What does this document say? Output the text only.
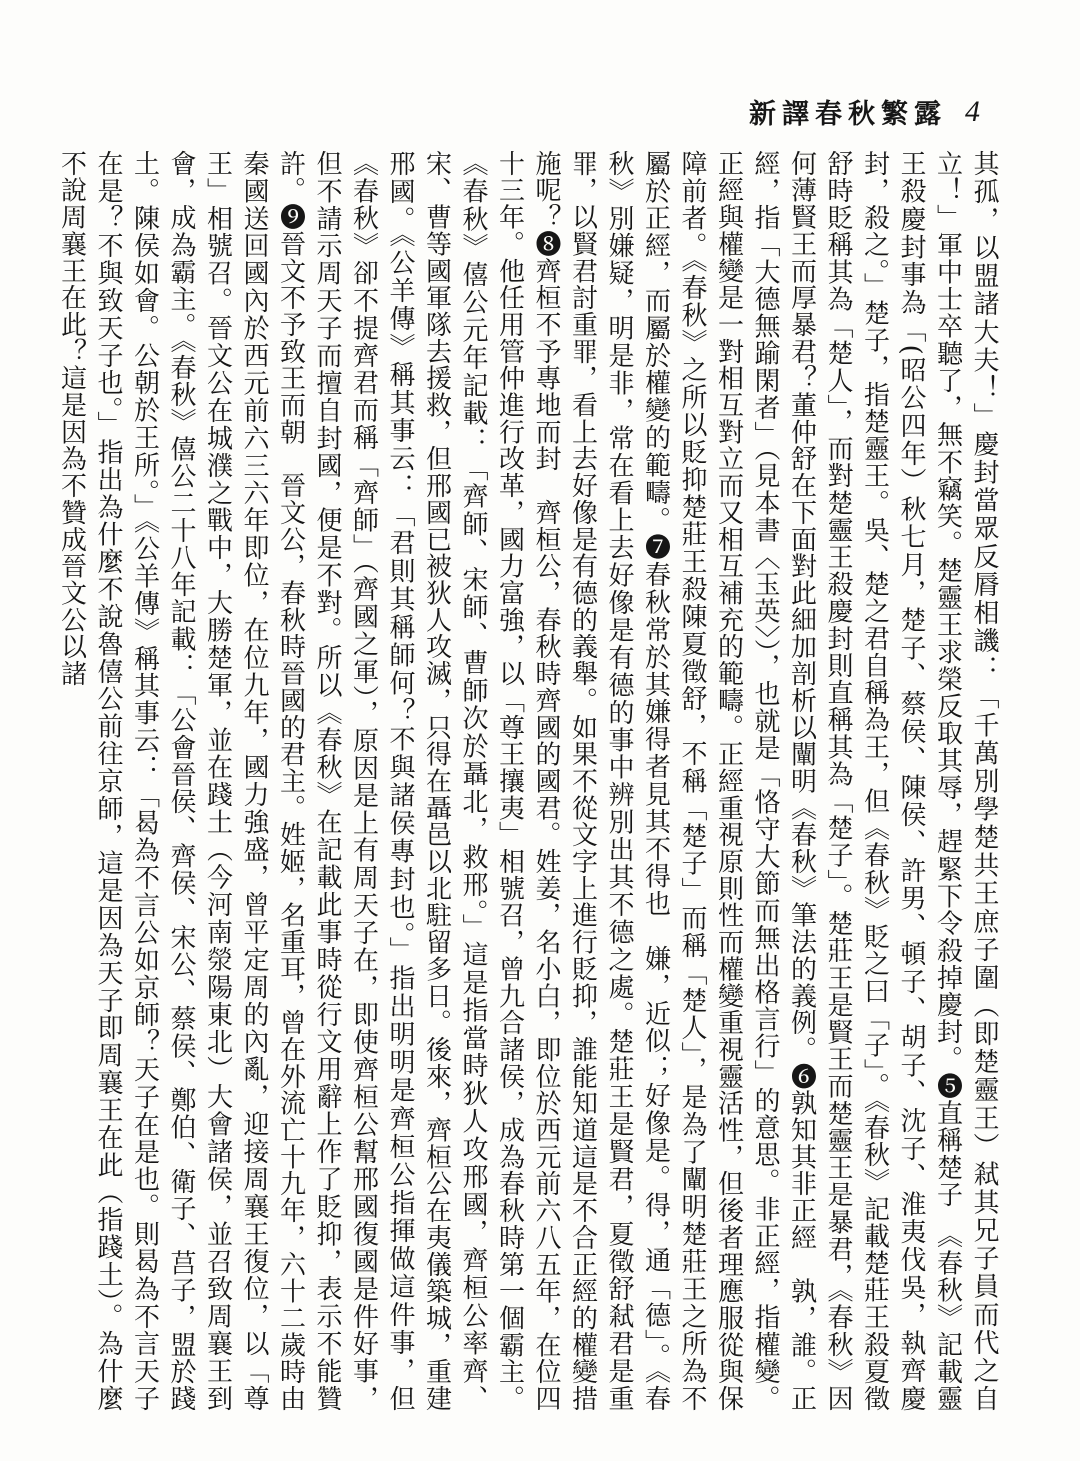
新譯春秋繁露 4

其孤，以盟諸大夫！」慶封當眾反脣相譏：「千萬別學楚共王庶子圍（即楚靈王）弒其兄子員而代之自立！」軍中士卒聽了，無不竊笑。楚靈王求榮反取其辱，趕緊下令殺掉慶封。❺直稱楚子　《春秋》記載靈王殺慶封事為「(昭公四年）秋七月，楚子、蔡侯、陳侯、許男、頓子、胡子、沈子、淮夷伐吳，執齊慶封，殺之。」楚子，指楚靈王。吳、楚之君自稱為王，但《春秋》貶之曰「子」。《春秋》記載楚莊王殺夏徵舒時貶稱其為「楚人」，而對楚靈王殺慶封則直稱其為「楚子」。楚莊王是賢王而楚靈王是暴君，《春秋》因何薄賢王而厚暴君？董仲舒在下面對此細加剖析以闡明《春秋》筆法的義例。❻孰知其非正經　孰，誰。正經，指「大德無踰閑者」（見本書〈玉英〉），也就是「恪守大節而無出格言行」的意思。非正經，指權變。正經與權變是一對相互對立而又相互補充的範疇。正經重視原則性而權變重視靈活性，但後者理應服從與保障前者。《春秋》之所以貶抑楚莊王殺陳夏徵舒，不稱「楚子」而稱「楚人」，是為了闡明楚莊王之所為不屬於正經，而屬於權變的範疇。❼春秋常於其嫌得者見其不得也　嫌，近似；好像是。得，通「德」。《春秋》別嫌疑，明是非，常在看上去好像是有德的事中辨別出其不德之處。楚莊王是賢君，夏徵舒弒君是重罪，以賢君討重罪，看上去好像是有德的義舉。如果不從文字上進行貶抑，誰能知道這是不合正經的權變措施呢？❽齊桓不予專地而封　齊桓公，春秋時齊國的國君。姓姜，名小白，即位於西元前六八五年，在位四十三年。他任用管仲進行改革，國力富強，以「尊王攘夷」相號召，曾九合諸侯，成為春秋時第一個霸主。《春秋》僖公元年記載：「齊師、宋師、曹師次於聶北，救邢。」這是指當時狄人攻邢國，齊桓公率齊、宋、曹等國軍隊去援救，但邢國已被狄人攻滅，只得在聶邑以北駐留多日。後來，齊桓公在夷儀築城，重建邢國。《公羊傳》稱其事云：「君則其稱師何？不與諸侯專封也。」指出明明是齊桓公指揮做這件事，但《春秋》卻不提齊君而稱「齊師」（齊國之軍），原因是上有周天子在，即使齊桓公幫邢國復國是件好事，但不請示周天子而擅自封國，便是不對。所以《春秋》在記載此事時從行文用辭上作了貶抑，表示不能贊許。❾晉文不予致王而朝　晉文公，春秋時晉國的君主。姓姬，名重耳，曾在外流亡十九年，六十二歲時由秦國送回國內於西元前六三六年即位，在位九年，國力強盛，曾平定周的內亂，迎接周襄王復位，以「尊王」相號召。晉文公在城濮之戰中，大勝楚軍，並在踐土（今河南滎陽東北）大會諸侯，並召致周襄王到會，成為霸主。《春秋》僖公二十八年記載：「公會晉侯、齊侯、宋公、蔡侯、鄭伯、衛子、莒子，盟於踐土。陳侯如會。公朝於王所。」《公羊傳》稱其事云：「曷為不言公如京師？天子在是也。則曷為不言天子在是？不與致天子也。」指出為什麼不說魯僖公前往京師，這是因為天子即周襄王在此（指踐土）。為什麼不說周襄王在此？這是因為不贊成晉文公以諸
